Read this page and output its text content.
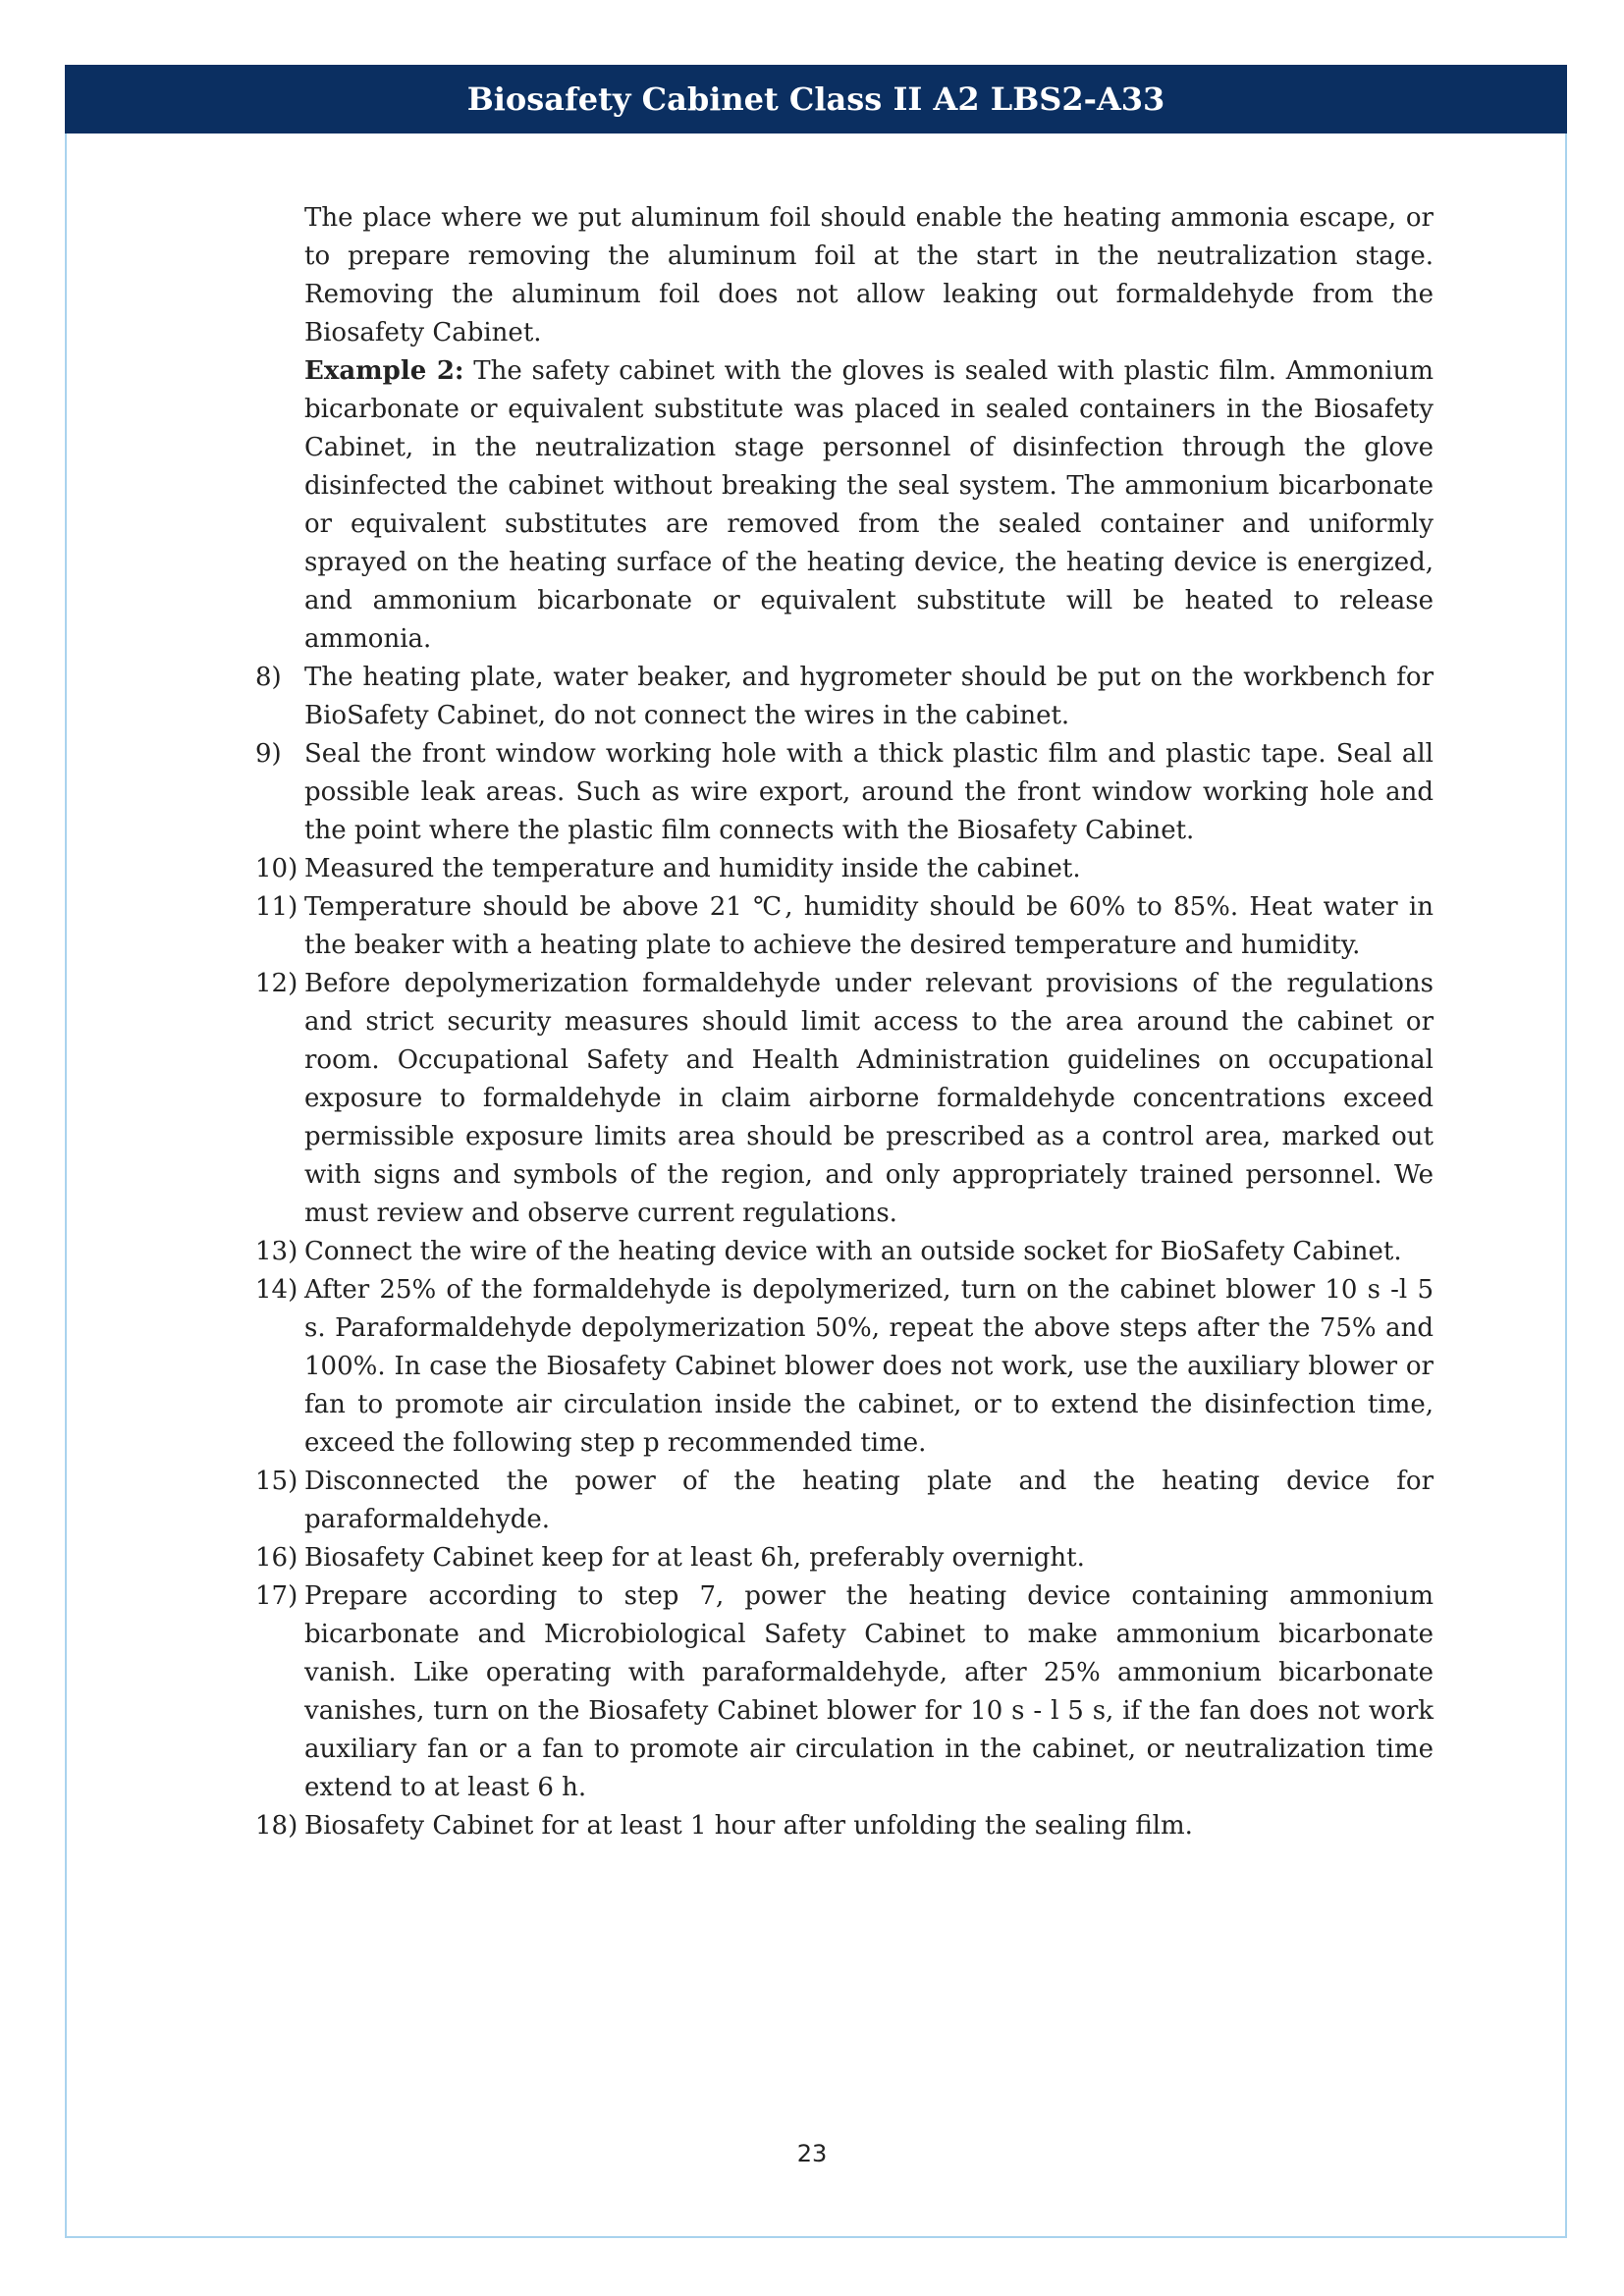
Biosafety Cabinet Class II A2 LBS2-A33

The place where we put aluminum foil should enable the heating ammonia escape, or to prepare removing the aluminum foil at the start in the neutralization stage. Removing the aluminum foil does not allow leaking out formaldehyde from the Biosafety Cabinet.

Example 2: The safety cabinet with the gloves is sealed with plastic film. Ammonium bicarbonate or equivalent substitute was placed in sealed containers in the Biosafety Cabinet, in the neutralization stage personnel of disinfection through the glove disinfected the cabinet without breaking the seal system. The ammonium bicarbonate or equivalent substitutes are removed from the sealed container and uniformly sprayed on the heating surface of the heating device, the heating device is energized, and ammonium bicarbonate or equivalent substitute will be heated to release ammonia.

8) The heating plate, water beaker, and hygrometer should be put on the workbench for BioSafety Cabinet, do not connect the wires in the cabinet.

9) Seal the front window working hole with a thick plastic film and plastic tape. Seal all possible leak areas. Such as wire export, around the front window working hole and the point where the plastic film connects with the Biosafety Cabinet.

10) Measured the temperature and humidity inside the cabinet.

11) Temperature should be above 21 ℃, humidity should be 60% to 85%. Heat water in the beaker with a heating plate to achieve the desired temperature and humidity.

12) Before depolymerization formaldehyde under relevant provisions of the regulations and strict security measures should limit access to the area around the cabinet or room. Occupational Safety and Health Administration guidelines on occupational exposure to formaldehyde in claim airborne formaldehyde concentrations exceed permissible exposure limits area should be prescribed as a control area, marked out with signs and symbols of the region, and only appropriately trained personnel. We must review and observe current regulations.

13) Connect the wire of the heating device with an outside socket for BioSafety Cabinet.

14) After 25% of the formaldehyde is depolymerized, turn on the cabinet blower 10 s -l 5 s. Paraformaldehyde depolymerization 50%, repeat the above steps after the 75% and 100%. In case the Biosafety Cabinet blower does not work, use the auxiliary blower or fan to promote air circulation inside the cabinet, or to extend the disinfection time, exceed the following step p recommended time.

15) Disconnected the power of the heating plate and the heating device for paraformaldehyde.

16) Biosafety Cabinet keep for at least 6h, preferably overnight.

17) Prepare according to step 7, power the heating device containing ammonium bicarbonate and Microbiological Safety Cabinet to make ammonium bicarbonate vanish. Like operating with paraformaldehyde, after 25% ammonium bicarbonate vanishes, turn on the Biosafety Cabinet blower for 10 s - l 5 s, if the fan does not work auxiliary fan or a fan to promote air circulation in the cabinet, or neutralization time extend to at least 6 h.

18) Biosafety Cabinet for at least 1 hour after unfolding the sealing film.

23
